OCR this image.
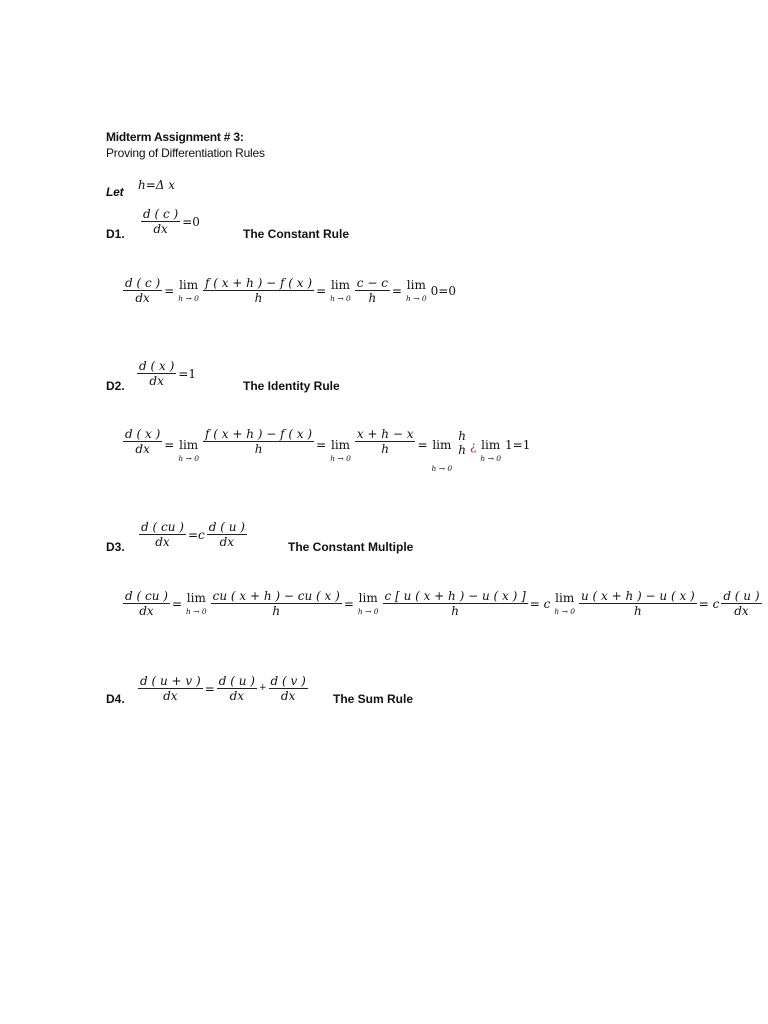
Midterm Assignment # 3:
Proving of Differentiation Rules
Let h = Δ x
D1. $\frac{d ( c )}{dx} =0$
The Constant Rule
$\frac{d ( c )}{dx} = \lim$
$h \to 0 \frac{f ( x + h ) - f ( x )}{h} = \lim$
$h \to 0 \frac{c - c}{h} = \lim$
h → 0
0=0
D2. $\frac{d ( x )}{dx} =1$
The Identity Rule
$\frac{d ( x )}{dx} = \lim$
h → 0
$\frac{f ( x + h ) - f ( x )}{h} = \lim$
h → 0
$\frac{x + h - x}{h} = \lim$
h → 0
h
h ¿ lim
h → 0
1=1
D3. $\frac{d ( cu )}{dx} =c \frac{d ( u )}{dx}$	The Constant Multiple
$\frac{d ( cu )}{dx} = \lim$
$h \to 0 \frac{cu ( x + h ) - cu ( x )}{h} = \lim$
$h \to 0 \frac{c [ u ( x + h ) - u ( x ) ]}{h} = c$ lim
$h \to 0 \frac{u ( x + h ) - u ( x )}{h} = c \frac{d ( u )}{dx}$
D4. $\frac{d ( u + v )}{dx} = \frac{d ( u )}{dx} + \frac{d ( v )}{dx}$ The Sum Rule
